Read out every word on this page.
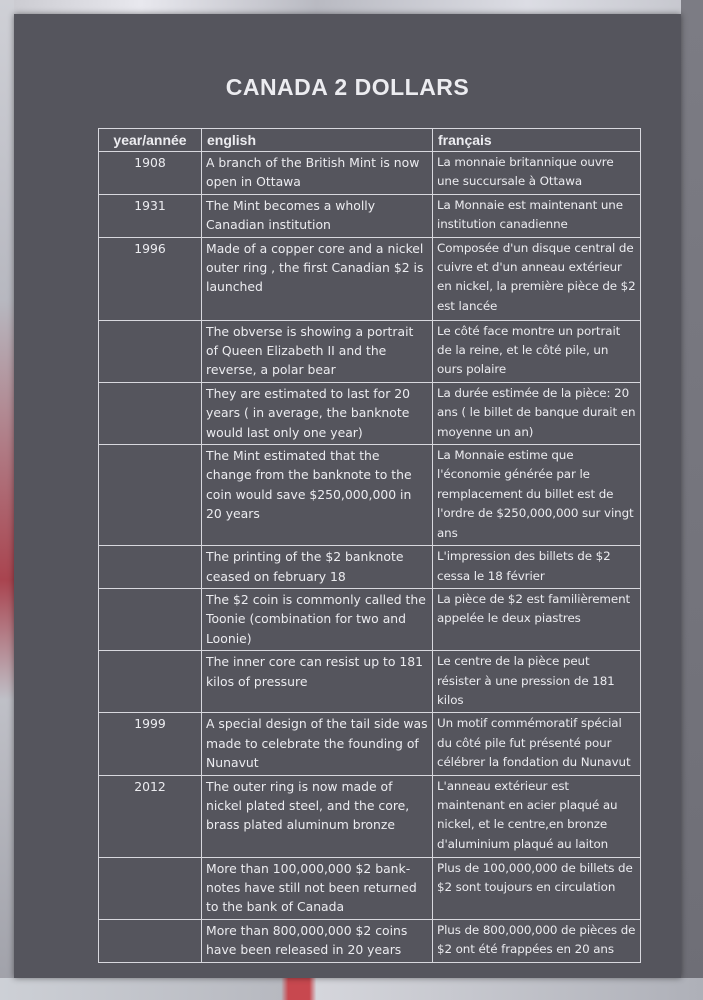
CANADA 2 DOLLARS
year/année	english	français
1908	A branch of the British Mint is now open in Ottawa	La monnaie britannique ouvre une succursale à Ottawa
1931	The Mint becomes a wholly Canadian institution	La Monnaie est maintenant une institution canadienne
1996	Made of a copper core and a nickel outer ring , the first Canadian $2 is launched	Composée d'un disque central de cuivre et d'un anneau extérieur en nickel, la première pièce de $2 est lancée
	The obverse is showing a portrait of Queen Elizabeth II and the reverse, a polar bear	Le côté face montre un portrait de la reine, et le côté pile, un ours polaire
	They are estimated to last for 20 years ( in average, the banknote would last only one year)	La durée estimée de la pièce: 20 ans ( le billet de banque durait en moyenne un an)
	The Mint estimated that the change from the banknote to the coin would save $250,000,000 in 20 years	La Monnaie estime que l'économie générée par le remplacement du billet est de l'ordre de $250,000,000 sur vingt ans
	The printing of the $2 banknote ceased on february 18	L'impression des billets de $2 cessa le 18 février
	The $2 coin is commonly called the Toonie (combination for two and Loonie)	La pièce de $2 est familièrement appelée le deux piastres
	The inner core can resist up to 181 kilos of pressure	Le centre de la pièce peut résister à une pression de 181 kilos
1999	A special design of the tail side was made to celebrate the founding of Nunavut	Un motif commémoratif spécial du côté pile fut présenté pour célébrer la fondation du Nunavut
2012	The outer ring is now made of nickel plated steel, and the core, brass plated aluminum bronze	L'anneau extérieur est maintenant en acier plaqué au nickel, et le centre,en bronze d'aluminium plaqué au laiton
	More than 100,000,000 $2 bank-notes have still not been returned to the bank of Canada	Plus de 100,000,000 de billets de $2 sont toujours en circulation
	More than 800,000,000 $2 coins have been released in 20 years	Plus de 800,000,000 de pièces de $2 ont été frappées en 20 ans
